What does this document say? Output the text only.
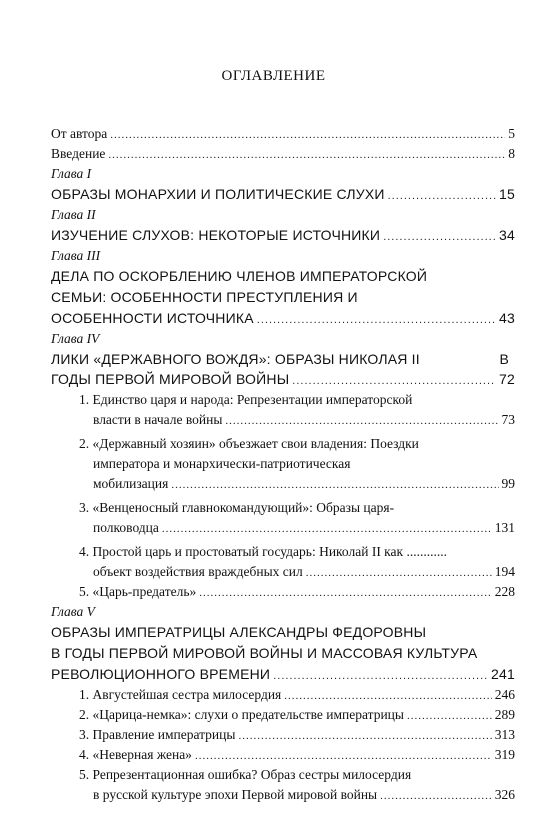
ОГЛАВЛЕНИЕ
От автора .....	5
Введение .....	8
Глава I
ОБРАЗЫ МОНАРХИИ И ПОЛИТИЧЕСКИЕ СЛУХИ .....	15
Глава II
ИЗУЧЕНИЕ СЛУХОВ: НЕКОТОРЫЕ ИСТОЧНИКИ .....	34
Глава III
ДЕЛА ПО ОСКОРБЛЕНИЮ ЧЛЕНОВ ИМПЕРАТОРСКОЙ
СЕМЬИ: ОСОБЕННОСТИ ПРЕСТУПЛЕНИЯ И
ОСОБЕННОСТИ ИСТОЧНИКА .....	43
Глава IV
ЛИКИ «ДЕРЖАВНОГО ВОЖДЯ»: ОБРАЗЫ НИКОЛАЯ II	В
ГОДЫ ПЕРВОЙ МИРОВОЙ ВОЙНЫ .....	72
1. Единство царя и народа: Репрезентации императорской
власти в начале войны .....	73
2. «Державный хозяин» объезжает свои владения: Поездки
императора и монархически-патриотическая
мобилизация .....	99
3. «Венценосный главнокомандующий»: Образы царя-
полководца .....	131
4. Простой царь и простоватый государь: Николай II как ............
объект воздействия враждебных сил .....	194
5. «Царь-предатель» .....	228
Глава V
ОБРАЗЫ ИМПЕРАТРИЦЫ АЛЕКСАНДРЫ ФЕДОРОВНЫ
В ГОДЫ ПЕРВОЙ МИРОВОЙ ВОЙНЫ И МАССОВАЯ КУЛЬТУРА
РЕВОЛЮЦИОННОГО ВРЕМЕНИ .....	241
1. Августейшая сестра милосердия .....	246
2. «Царица-немка»: слухи о предательстве императрицы .....	289
3. Правление императрицы .....	313
4. «Неверная жена» .....	319
5. Репрезентационная ошибка? Образ сестры милосердия
в русской культуре эпохи Первой мировой войны .....	326
